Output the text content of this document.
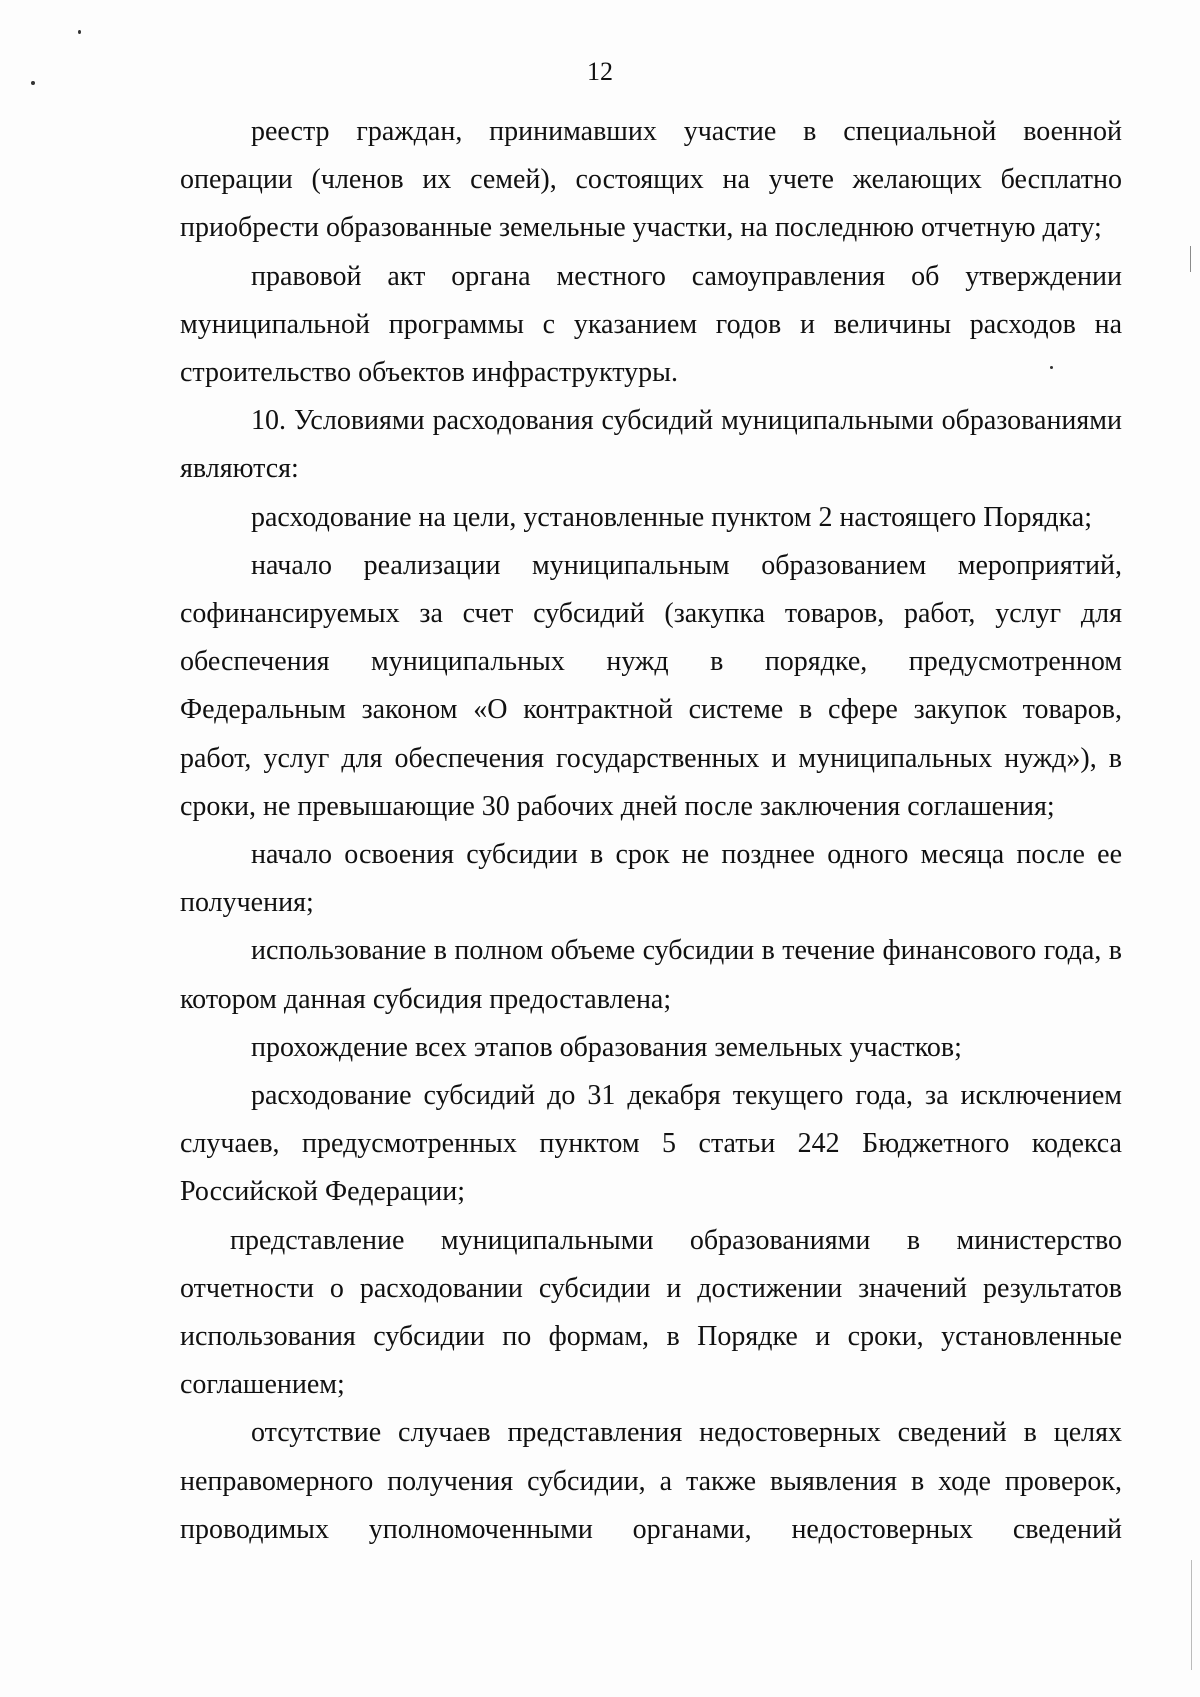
12

реестр граждан, принимавших участие в специальной военной операции (членов их семей), состоящих на учете желающих бесплатно приобрести образованные земельные участки, на последнюю отчетную дату;

правовой акт органа местного самоуправления об утверждении муниципальной программы с указанием годов и величины расходов на строительство объектов инфраструктуры.

10. Условиями расходования субсидий муниципальными образованиями являются:

расходование на цели, установленные пунктом 2 настоящего Порядка;

начало реализации муниципальным образованием мероприятий, софинансируемых за счет субсидий (закупка товаров, работ, услуг для обеспечения муниципальных нужд в порядке, предусмотренном Федеральным законом «О контрактной системе в сфере закупок товаров, работ, услуг для обеспечения государственных и муниципальных нужд»), в сроки, не превышающие 30 рабочих дней после заключения соглашения;

начало освоения субсидии в срок не позднее одного месяца после ее получения;

использование в полном объеме субсидии в течение финансового года, в котором данная субсидия предоставлена;

прохождение всех этапов образования земельных участков;

расходование субсидий до 31 декабря текущего года, за исключением случаев, предусмотренных пунктом 5 статьи 242 Бюджетного кодекса Российской Федерации;

представление муниципальными образованиями в министерство отчетности о расходовании субсидии и достижении значений результатов использования субсидии по формам, в Порядке и сроки, установленные соглашением;

отсутствие случаев представления недостоверных сведений в целях неправомерного получения субсидии, а также выявления в ходе проверок, проводимых уполномоченными органами, недостоверных сведений
